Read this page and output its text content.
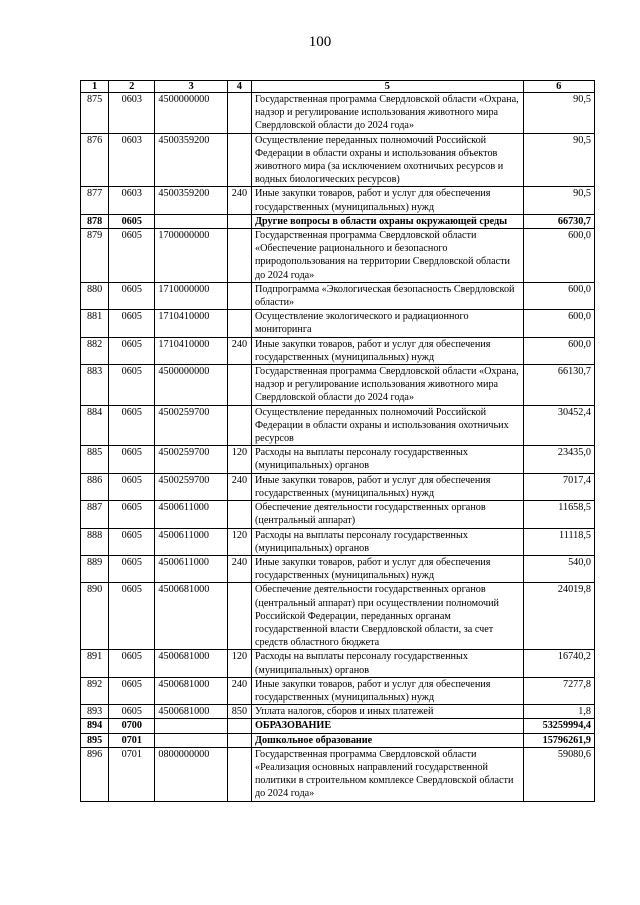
100
1	2	3	4	5	6
875	0603	4500000000		Государственная программа Свердловской области «Охрана, надзор и регулирование использования животного мира Свердловской области до 2024 года»	90,5
876	0603	4500359200		Осуществление переданных полномочий Российской Федерации в области охраны и использования объектов животного мира (за исключением охотничьих ресурсов и водных биологических ресурсов)	90,5
877	0603	4500359200	240	Иные закупки товаров, работ и услуг для обеспечения государственных (муниципальных) нужд	90,5
878	0605			Другие вопросы в области охраны окружающей среды	66730,7
879	0605	1700000000		Государственная программа Свердловской области «Обеспечение рационального и безопасного природопользования на территории Свердловской области до 2024 года»	600,0
880	0605	1710000000		Подпрограмма «Экологическая безопасность Свердловской области»	600,0
881	0605	1710410000		Осуществление экологического и радиационного мониторинга	600,0
882	0605	1710410000	240	Иные закупки товаров, работ и услуг для обеспечения государственных (муниципальных) нужд	600,0
883	0605	4500000000		Государственная программа Свердловской области «Охрана, надзор и регулирование использования животного мира Свердловской области до 2024 года»	66130,7
884	0605	4500259700		Осуществление переданных полномочий Российской Федерации в области охраны и использования охотничьих ресурсов	30452,4
885	0605	4500259700	120	Расходы на выплаты персоналу государственных (муниципальных) органов	23435,0
886	0605	4500259700	240	Иные закупки товаров, работ и услуг для обеспечения государственных (муниципальных) нужд	7017,4
887	0605	4500611000		Обеспечение деятельности государственных органов (центральный аппарат)	11658,5
888	0605	4500611000	120	Расходы на выплаты персоналу государственных (муниципальных) органов	11118,5
889	0605	4500611000	240	Иные закупки товаров, работ и услуг для обеспечения государственных (муниципальных) нужд	540,0
890	0605	4500681000		Обеспечение деятельности государственных органов (центральный аппарат) при осуществлении полномочий Российской Федерации, переданных органам государственной власти Свердловской области, за счет средств областного бюджета	24019,8
891	0605	4500681000	120	Расходы на выплаты персоналу государственных (муниципальных) органов	16740,2
892	0605	4500681000	240	Иные закупки товаров, работ и услуг для обеспечения государственных (муниципальных) нужд	7277,8
893	0605	4500681000	850	Уплата налогов, сборов и иных платежей	1,8
894	0700			ОБРАЗОВАНИЕ	53259994,4
895	0701			Дошкольное образование	15796261,9
896	0701	0800000000		Государственная программа Свердловской области «Реализация основных направлений государственной политики в строительном комплексе Свердловской области до 2024 года»	59080,6
